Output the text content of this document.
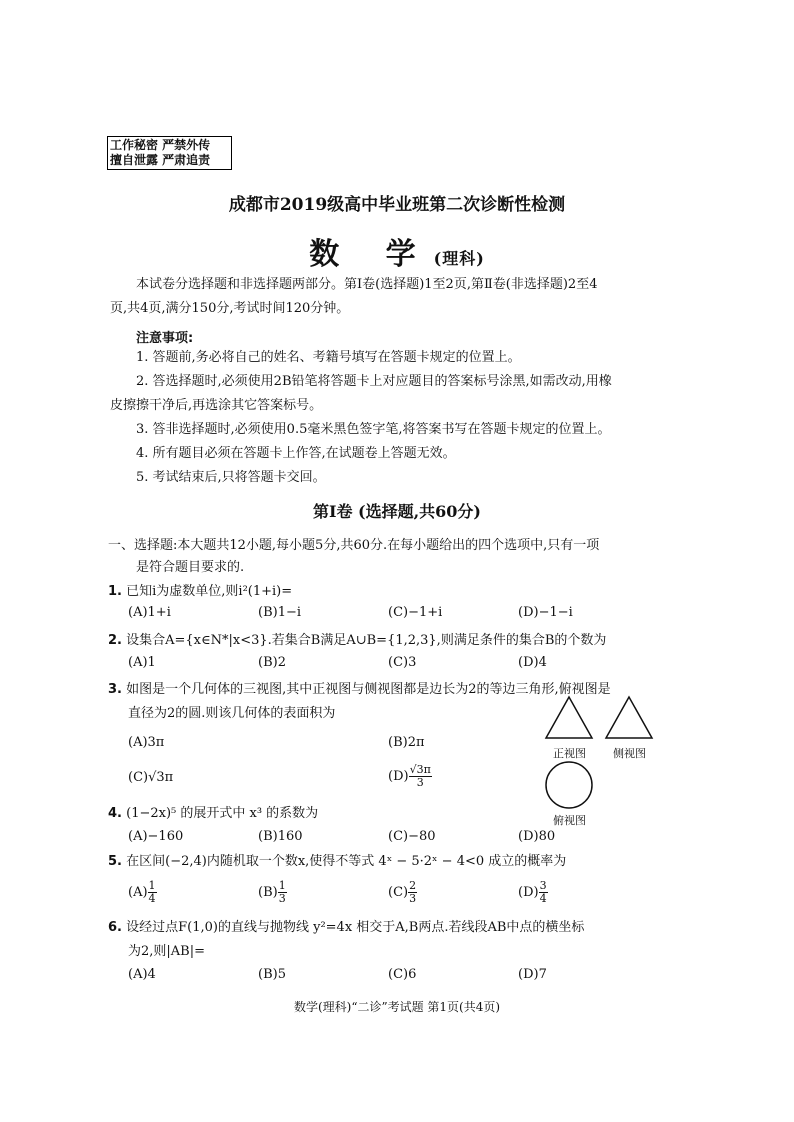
工作秘密 严禁外传
擅自泄露 严肃追责
成都市2019级高中毕业班第二次诊断性检测
数 学(理科)
本试卷分选择题和非选择题两部分。第Ⅰ卷(选择题)1至2页,第Ⅱ卷(非选择题)2至4
页,共4页,满分150分,考试时间120分钟。
注意事项:
1. 答题前,务必将自己的姓名、考籍号填写在答题卡规定的位置上。
2. 答选择题时,必须使用2B铅笔将答题卡上对应题目的答案标号涂黑,如需改动,用橡
皮擦擦干净后,再选涂其它答案标号。
3. 答非选择题时,必须使用0.5毫米黑色签字笔,将答案书写在答题卡规定的位置上。
4. 所有题目必须在答题卡上作答,在试题卷上答题无效。
5. 考试结束后,只将答题卡交回。
第Ⅰ卷 (选择题,共60分)
一、选择题:本大题共12小题,每小题5分,共60分.在每小题给出的四个选项中,只有一项
是符合题目要求的.
1. 已知i为虚数单位,则i²(1+i)=
(A)1+i	(B)1−i	(C)−1+i	(D)−1−i
2. 设集合A={x∈N*|x<3}.若集合B满足A∪B={1,2,3},则满足条件的集合B的个数为
(A)1	(B)2	(C)3	(D)4
3. 如图是一个几何体的三视图,其中正视图与侧视图都是边长为2的等边三角形,俯视图是
直径为2的圆.则该几何体的表面积为
(A)3π	(B)2π
(C)√3π	$(D) \frac{√3\pi}{3}$
正视图 侧视图
俯视图
4. (1−2x)⁵ 的展开式中 x³ 的系数为
(A)−160	(B)160	(C)−80	(D)80
5. 在区间(−2,4)内随机取一个数x,使得不等式 4ˣ − 5·2ˣ − 4<0 成立的概率为
$(A) \frac{1}{4}$	$(B) \frac{1}{3}$	$(C) \frac{2}{3}$	$(D) \frac{3}{4}$
6. 设经过点F(1,0)的直线与抛物线 y²=4x 相交于A,B两点.若线段AB中点的横坐标
为2,则|AB|=
(A)4	(B)5	(C)6	(D)7
数学(理科)“二诊”考试题 第1页(共4页)
